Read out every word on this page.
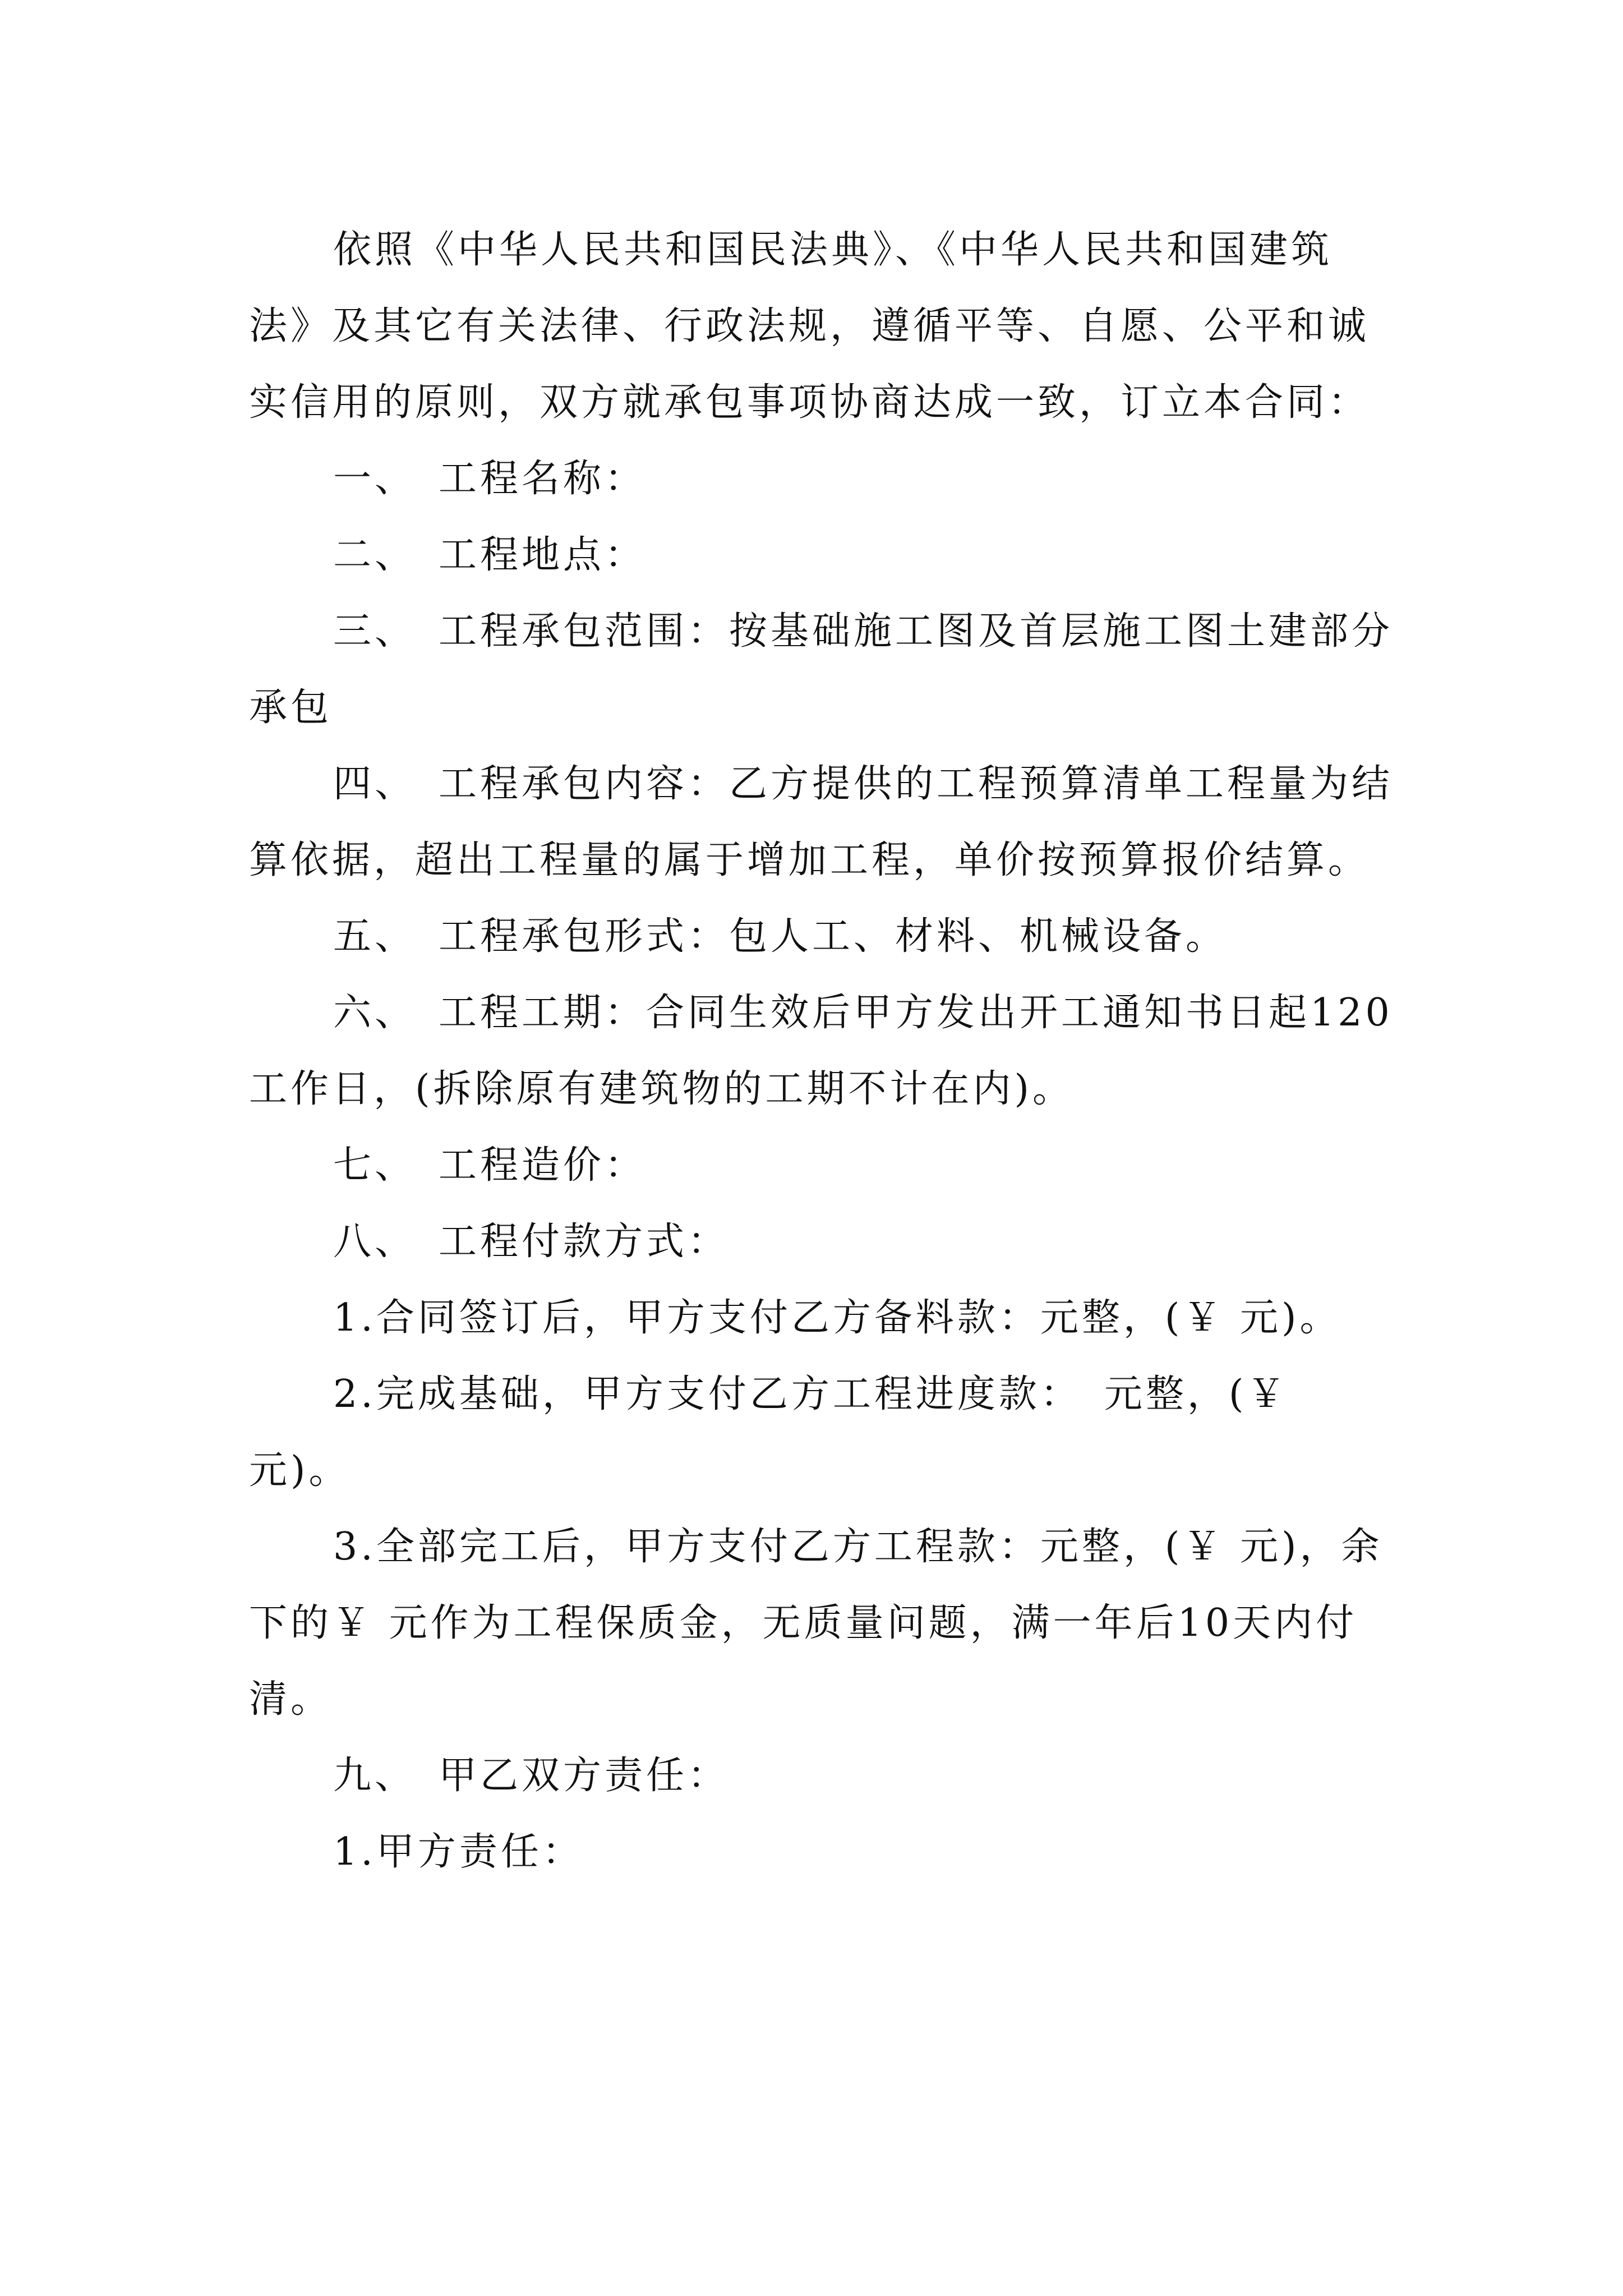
依照《中华人民共和国民法典》、《中华人民共和国建筑法》及其它有关法律、行政法规，遵循平等、自愿、公平和诚实信用的原则，双方就承包事项协商达成一致，订立本合同：

一、　工程名称：

二、　工程地点：

三、　工程承包范围：按基础施工图及首层施工图土建部分承包

四、　工程承包内容：乙方提供的工程预算清单工程量为结算依据，超出工程量的属于增加工程，单价按预算报价结算。

五、　工程承包形式：包人工、材料、机械设备。

六、　工程工期：合同生效后甲方发出开工通知书日起120工作日，(拆除原有建筑物的工期不计在内)。

七、　工程造价：

八、　工程付款方式：

1.合同签订后，甲方支付乙方备料款：元整，(￥ 元)。

2.完成基础，甲方支付乙方工程进度款：　元整，(￥ 元)。

3.全部完工后，甲方支付乙方工程款：元整，(￥ 元)，余下的￥ 元作为工程保质金，无质量问题，满一年后10天内付清。

九、　甲乙双方责任：

1.甲方责任：
